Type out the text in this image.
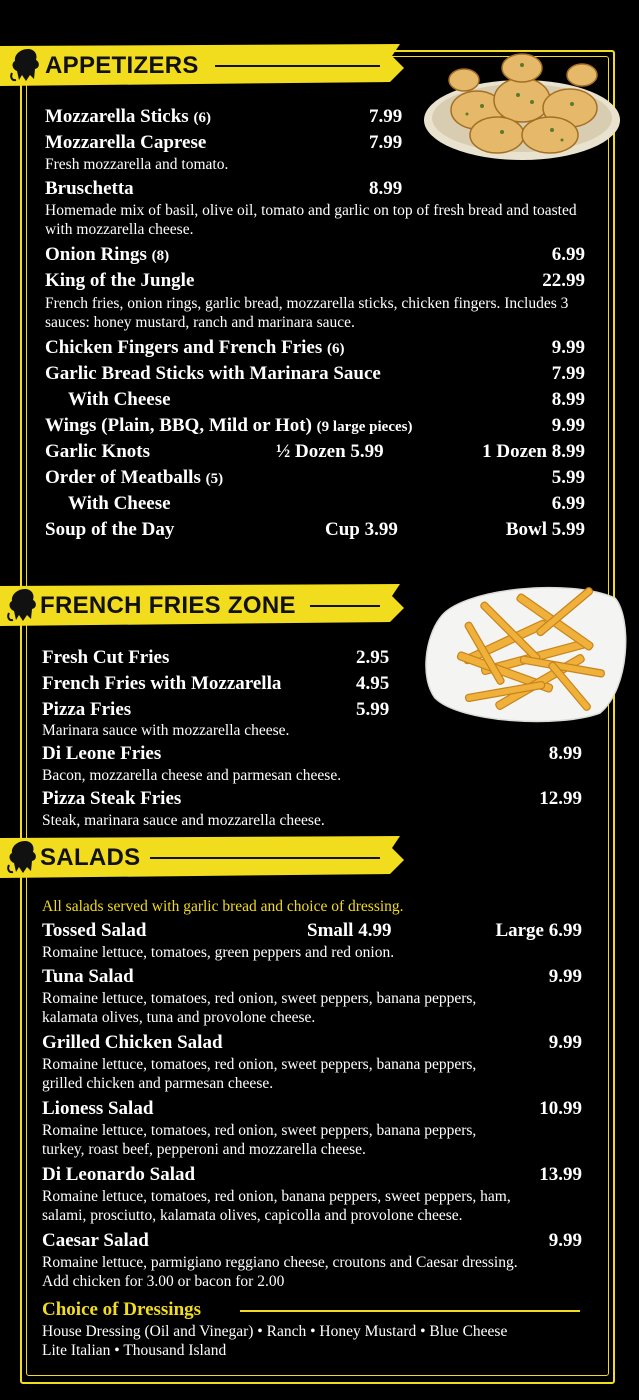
APPETIZERS
Mozzarella Sticks (6)	7.99
Mozzarella Caprese	7.99
Fresh mozzarella and tomato.
Bruschetta	8.99
Homemade mix of basil, olive oil, tomato and garlic on top of fresh bread and toasted with mozzarella cheese.
Onion Rings (8)	6.99
King of the Jungle	22.99
French fries, onion rings, garlic bread, mozzarella sticks, chicken fingers. Includes 3 sauces: honey mustard, ranch and marinara sauce.
Chicken Fingers and French Fries (6)	9.99
Garlic Bread Sticks with Marinara Sauce	7.99
With Cheese	8.99
Wings (Plain, BBQ, Mild or Hot) (9 large pieces)	9.99
Garlic Knots	½ Dozen 5.99	1 Dozen 8.99
Order of Meatballs (5)	5.99
With Cheese	6.99
Soup of the Day	Cup 3.99	Bowl 5.99
FRENCH FRIES ZONE
Fresh Cut Fries	2.95
French Fries with Mozzarella	4.95
Pizza Fries	5.99
Marinara sauce with mozzarella cheese.
Di Leone Fries	8.99
Bacon, mozzarella cheese and parmesan cheese.
Pizza Steak Fries	12.99
Steak, marinara sauce and mozzarella cheese.
SALADS
All salads served with garlic bread and choice of dressing.
Tossed Salad	Small 4.99	Large 6.99
Romaine lettuce, tomatoes, green peppers and red onion.
Tuna Salad	9.99
Romaine lettuce, tomatoes, red onion, sweet peppers, banana peppers,
kalamata olives, tuna and provolone cheese.
Grilled Chicken Salad	9.99
Romaine lettuce, tomatoes, red onion, sweet peppers, banana peppers,
grilled chicken and parmesan cheese.
Lioness Salad	10.99
Romaine lettuce, tomatoes, red onion, sweet peppers, banana peppers,
turkey, roast beef, pepperoni and mozzarella cheese.
Di Leonardo Salad	13.99
Romaine lettuce, tomatoes, red onion, banana peppers, sweet peppers, ham,
salami, prosciutto, kalamata olives, capicolla and provolone cheese.
Caesar Salad	9.99
Romaine lettuce, parmigiano reggiano cheese, croutons and Caesar dressing.
Add chicken for 3.00 or bacon for 2.00
Choice of Dressings
House Dressing (Oil and Vinegar) • Ranch • Honey Mustard • Blue Cheese
Lite Italian • Thousand Island
